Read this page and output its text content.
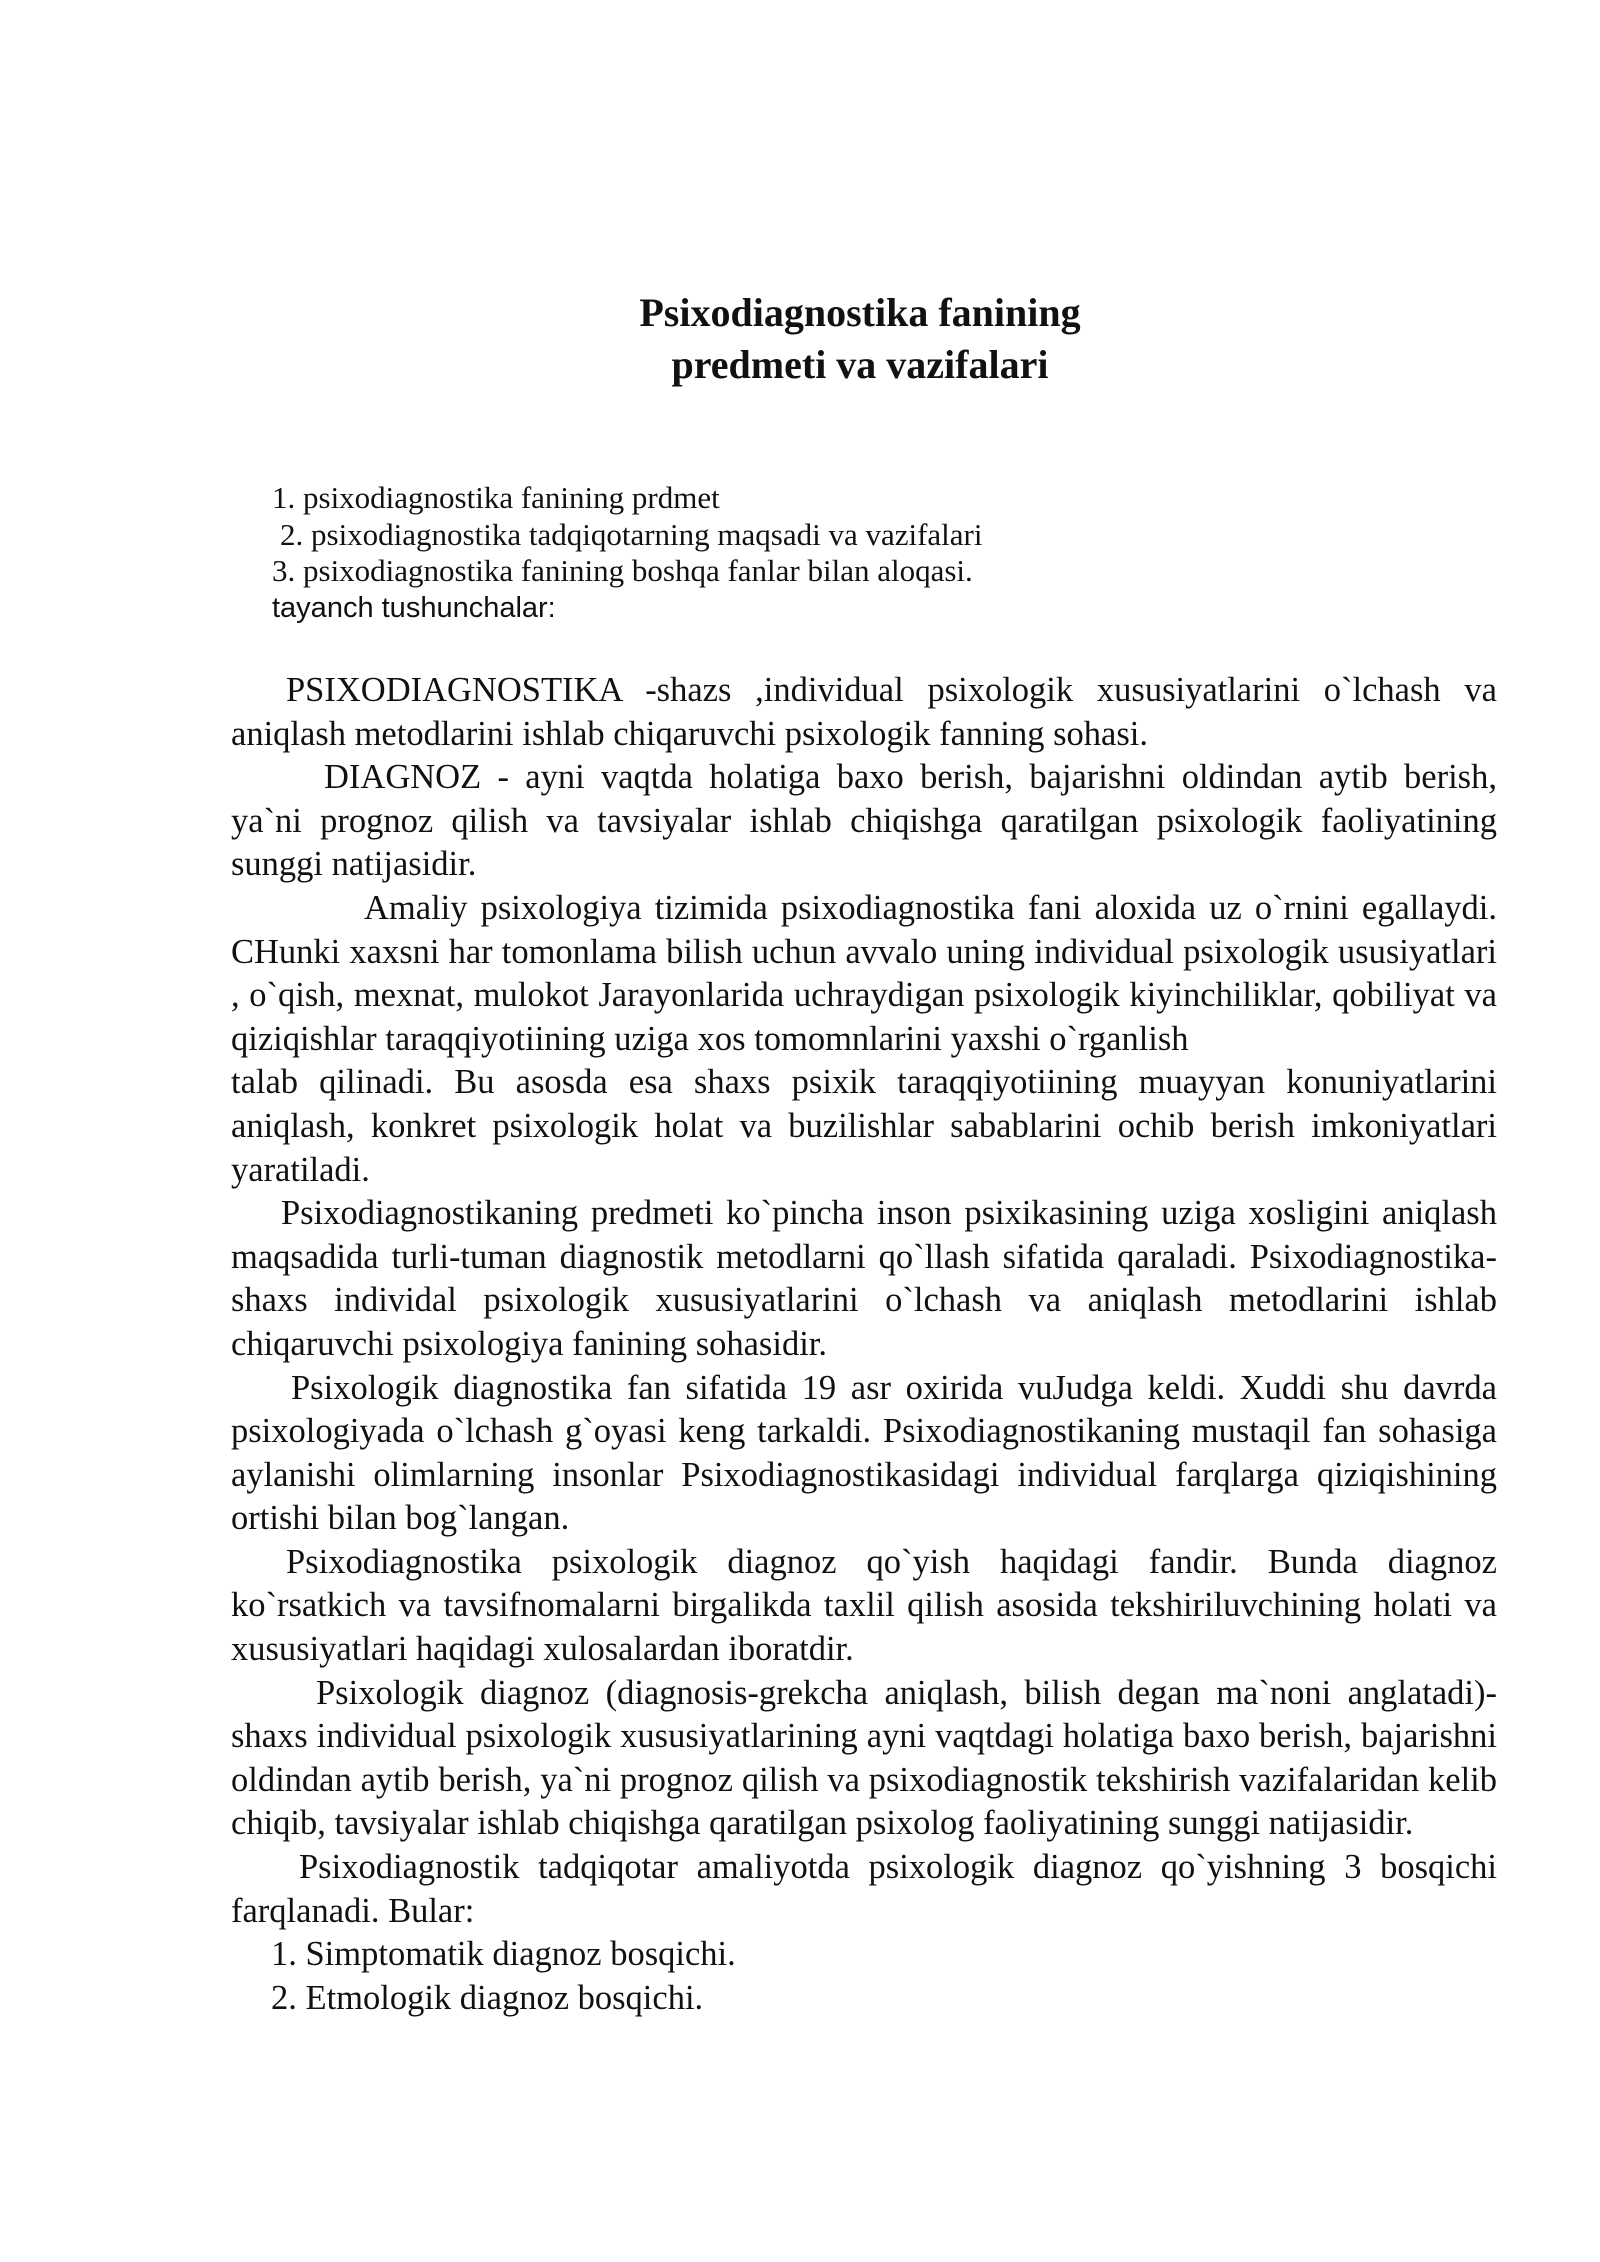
Psixodiagnostika fanining
predmeti va vazifalari
1. psixodiagnostika fanining prdmet
2. psixodiagnostika tadqiqotarning maqsadi va vazifalari
3. psixodiagnostika fanining boshqa fanlar bilan aloqasi.
tayanch tushunchalar:

PSIXODIAGNOSTIKA -shazs ,individual psixologik xususiyatlarini o`lchash va aniqlash metodlarini ishlab chiqaruvchi psixologik fanning sohasi.

DIAGNOZ - ayni vaqtda holatiga baxo berish, bajarishni oldindan aytib berish, ya`ni prognoz qilish va tavsiyalar ishlab chiqishga qaratilgan psixologik faoliyatining sunggi natijasidir.

Amaliy psixologiya tizimida psixodiagnostika fani aloxida uz o`rnini egallaydi. CHunki xaxsni har tomonlama bilish uchun avvalo uning individual psixologik ususiyatlari , o`qish, mexnat, mulokot Jarayonlarida uchraydigan psixologik kiyinchiliklar, qobiliyat va qiziqishlar taraqqiyotiining uziga xos tomomnlarini yaxshi o`rganlish

talab qilinadi. Bu asosda esa shaxs psixik taraqqiyotiining muayyan konuniyatlarini aniqlash, konkret psixologik holat va buzilishlar sabablarini ochib berish imkoniyatlari yaratiladi.

Psixodiagnostikaning predmeti ko`pincha inson psixikasining uziga xosligini aniqlash maqsadida turli-tuman diagnostik metodlarni qo`llash sifatida qaraladi. Psixodiagnostika-shaxs individal psixologik xususiyatlarini o`lchash va aniqlash metodlarini ishlab chiqaruvchi psixologiya fanining sohasidir.

Psixologik diagnostika fan sifatida 19 asr oxirida vuJudga keldi. Xuddi shu davrda psixologiyada o`lchash g`oyasi keng tarkaldi. Psixodiagnostikaning mustaqil fan sohasiga aylanishi olimlarning insonlar Psixodiagnostikasidagi individual farqlarga qiziqishining ortishi bilan bog`langan.

Psixodiagnostika psixologik diagnoz qo`yish haqidagi fandir. Bunda diagnoz ko`rsatkich va tavsifnomalarni birgalikda taxlil qilish asosida tekshiriluvchining holati va xususiyatlari haqidagi xulosalardan iboratdir.

Psixologik diagnoz (diagnosis-grekcha aniqlash, bilish degan ma`noni anglatadi)- shaxs individual psixologik xususiyatlarining ayni vaqtdagi holatiga baxo berish, bajarishni oldindan aytib berish, ya`ni prognoz qilish va psixodiagnostik tekshirish vazifalaridan kelib chiqib, tavsiyalar ishlab chiqishga qaratilgan psixolog faoliyatining sunggi natijasidir.

Psixodiagnostik tadqiqotar amaliyotda psixologik diagnoz qo`yishning 3 bosqichi farqlanadi. Bular:

1. Simptomatik diagnoz bosqichi.
2. Etmologik diagnoz bosqichi.
